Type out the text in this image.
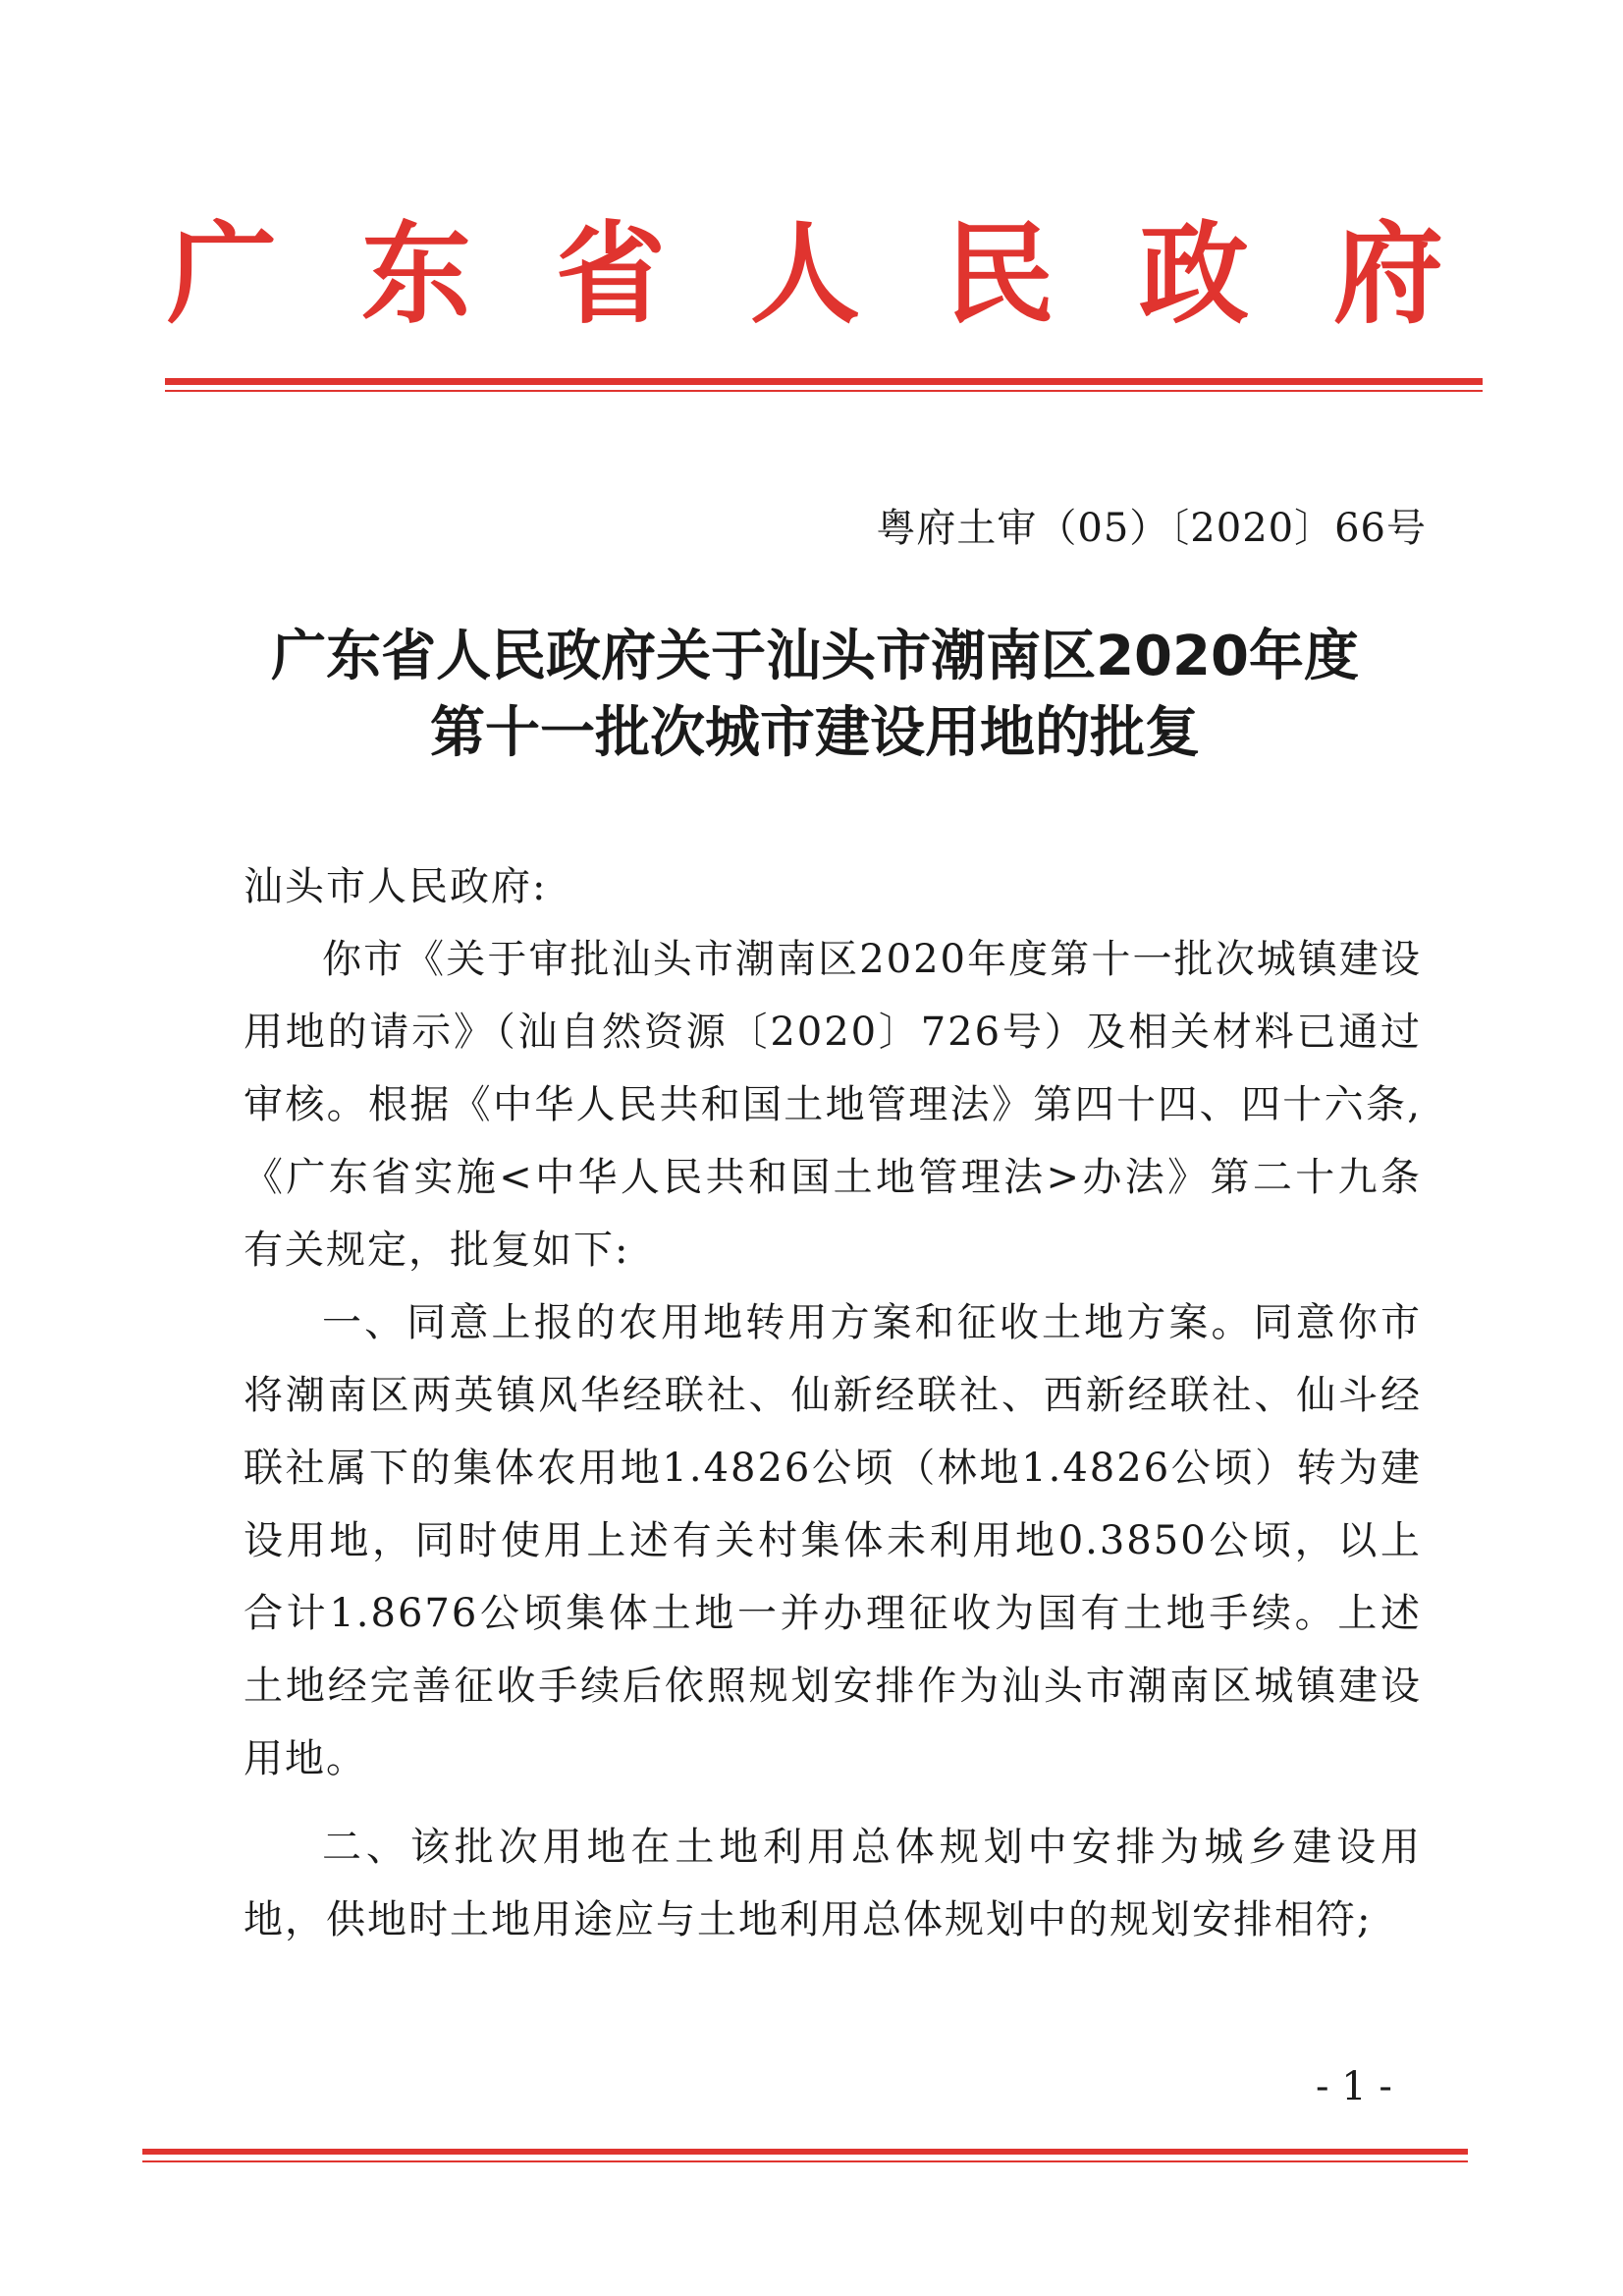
广 东 省 人 民 政 府
粤府土审（05）〔2020〕66号
广东省人民政府关于汕头市潮南区2020年度
第十一批次城市建设用地的批复

汕头市人民政府:

你市《关于审批汕头市潮南区2020年度第十一批次城镇建设用地的请示》（汕自然资源〔2020〕726号）及相关材料已通过审核。根据《中华人民共和国土地管理法》第四十四、四十六条,《广东省实施<中华人民共和国土地管理法>办法》第二十九条有关规定，批复如下:

一、同意上报的农用地转用方案和征收土地方案。同意你市将潮南区两英镇风华经联社、仙新经联社、西新经联社、仙斗经联社属下的集体农用地1.4826公顷（林地1.4826公顷）转为建设用地，同时使用上述有关村集体未利用地0.3850公顷，以上合计1.8676公顷集体土地一并办理征收为国有土地手续。上述土地经完善征收手续后依照规划安排作为汕头市潮南区城镇建设用地。

二、该批次用地在土地利用总体规划中安排为城乡建设用地，供地时土地用途应与土地利用总体规划中的规划安排相符;

- 1 -
